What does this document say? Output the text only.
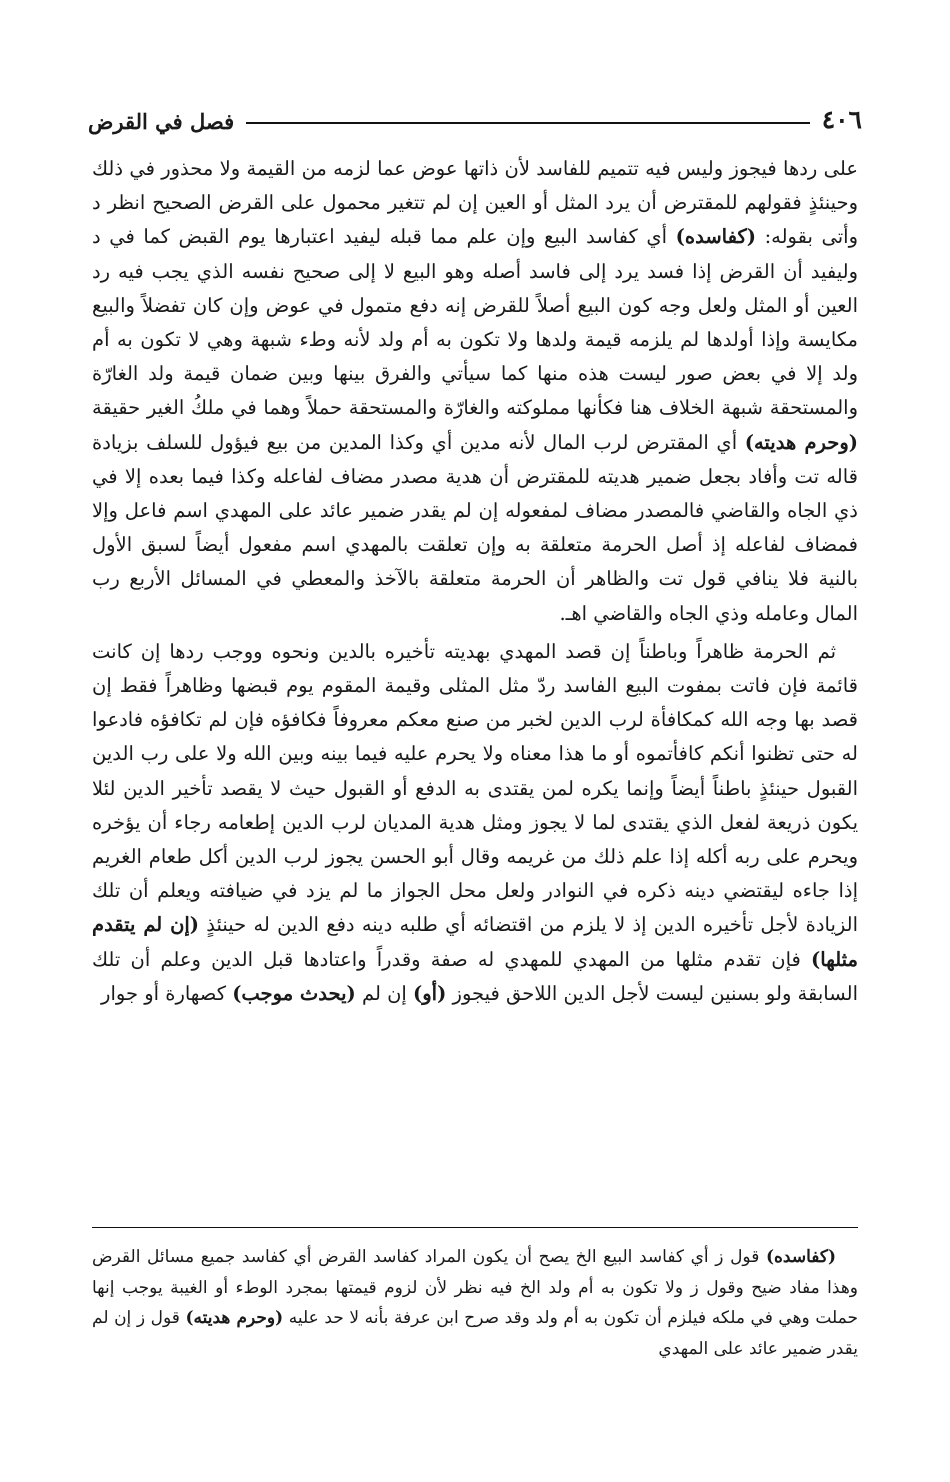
٤٠٦
فصل في القرض

على ردها فيجوز وليس فيه تتميم للفاسد لأن ذاتها عوض عما لزمه من القيمة ولا محذور في ذلك وحينئذٍ فقولهم للمقترض أن يرد المثل أو العين إن لم تتغير محمول على القرض الصحيح انظر د وأتى بقوله: (كفاسده) أي كفاسد البيع وإن علم مما قبله ليفيد اعتبارها يوم القبض كما في د وليفيد أن القرض إذا فسد يرد إلى فاسد أصله وهو البيع لا إلى صحيح نفسه الذي يجب فيه رد العين أو المثل ولعل وجه كون البيع أصلاً للقرض إنه دفع متمول في عوض وإن كان تفضلاً والبيع مكايسة وإذا أولدها لم يلزمه قيمة ولدها ولا تكون به أم ولد لأنه وطء شبهة وهي لا تكون به أم ولد إلا في بعض صور ليست هذه منها كما سيأتي والفرق بينها وبين ضمان قيمة ولد الغارّة والمستحقة شبهة الخلاف هنا فكأنها مملوكته والغارّة والمستحقة حملاً وهما في ملكُ الغير حقيقة (وحرم هديته) أي المقترض لرب المال لأنه مدين أي وكذا المدين من بيع فيؤول للسلف بزيادة قاله تت وأفاد بجعل ضمير هديته للمقترض أن هدية مصدر مضاف لفاعله وكذا فيما بعده إلا في ذي الجاه والقاضي فالمصدر مضاف لمفعوله إن لم يقدر ضمير عائد على المهدي اسم فاعل وإلا فمضاف لفاعله إذ أصل الحرمة متعلقة به وإن تعلقت بالمهدي اسم مفعول أيضاً لسبق الأول بالنية فلا ينافي قول تت والظاهر أن الحرمة متعلقة بالآخذ والمعطي في المسائل الأربع رب المال وعامله وذي الجاه والقاضي اهـ.

ثم الحرمة ظاهراً وباطناً إن قصد المهدي بهديته تأخيره بالدين ونحوه ووجب ردها إن كانت قائمة فإن فاتت بمفوت البيع الفاسد ردّ مثل المثلى وقيمة المقوم يوم قبضها وظاهراً فقط إن قصد بها وجه الله كمكافأة لرب الدين لخبر من صنع معكم معروفاً فكافؤه فإن لم تكافؤه فادعوا له حتى تظنوا أنكم كافأتموه أو ما هذا معناه ولا يحرم عليه فيما بينه وبين الله ولا على رب الدين القبول حينئذٍ باطناً أيضاً وإنما يكره لمن يقتدى به الدفع أو القبول حيث لا يقصد تأخير الدين لئلا يكون ذريعة لفعل الذي يقتدى لما لا يجوز ومثل هدية المديان لرب الدين إطعامه رجاء أن يؤخره ويحرم على ربه أكله إذا علم ذلك من غريمه وقال أبو الحسن يجوز لرب الدين أكل طعام الغريم إذا جاءه ليقتضي دينه ذكره في النوادر ولعل محل الجواز ما لم يزد في ضيافته ويعلم أن تلك الزيادة لأجل تأخيره الدين إذ لا يلزم من اقتضائه أي طلبه دينه دفع الدين له حينئذٍ (إن لم يتقدم مثلها) فإن تقدم مثلها من المهدي للمهدي له صفة وقدراً واعتادها قبل الدين وعلم أن تلك السابقة ولو بسنين ليست لأجل الدين اللاحق فيجوز (أو) إن لم (يحدث موجب) كصهارة أو جوار

(كفاسده) قول ز أي كفاسد البيع الخ يصح أن يكون المراد كفاسد القرض أي كفاسد جميع مسائل القرض وهذا مفاد ضيح وقول ز ولا تكون به أم ولد الخ فيه نظر لأن لزوم قيمتها بمجرد الوطء أو الغيبة يوجب إنها حملت وهي في ملكه فيلزم أن تكون به أم ولد وقد صرح ابن عرفة بأنه لا حد عليه (وحرم هديته) قول ز إن لم يقدر ضمير عائد على المهدي
